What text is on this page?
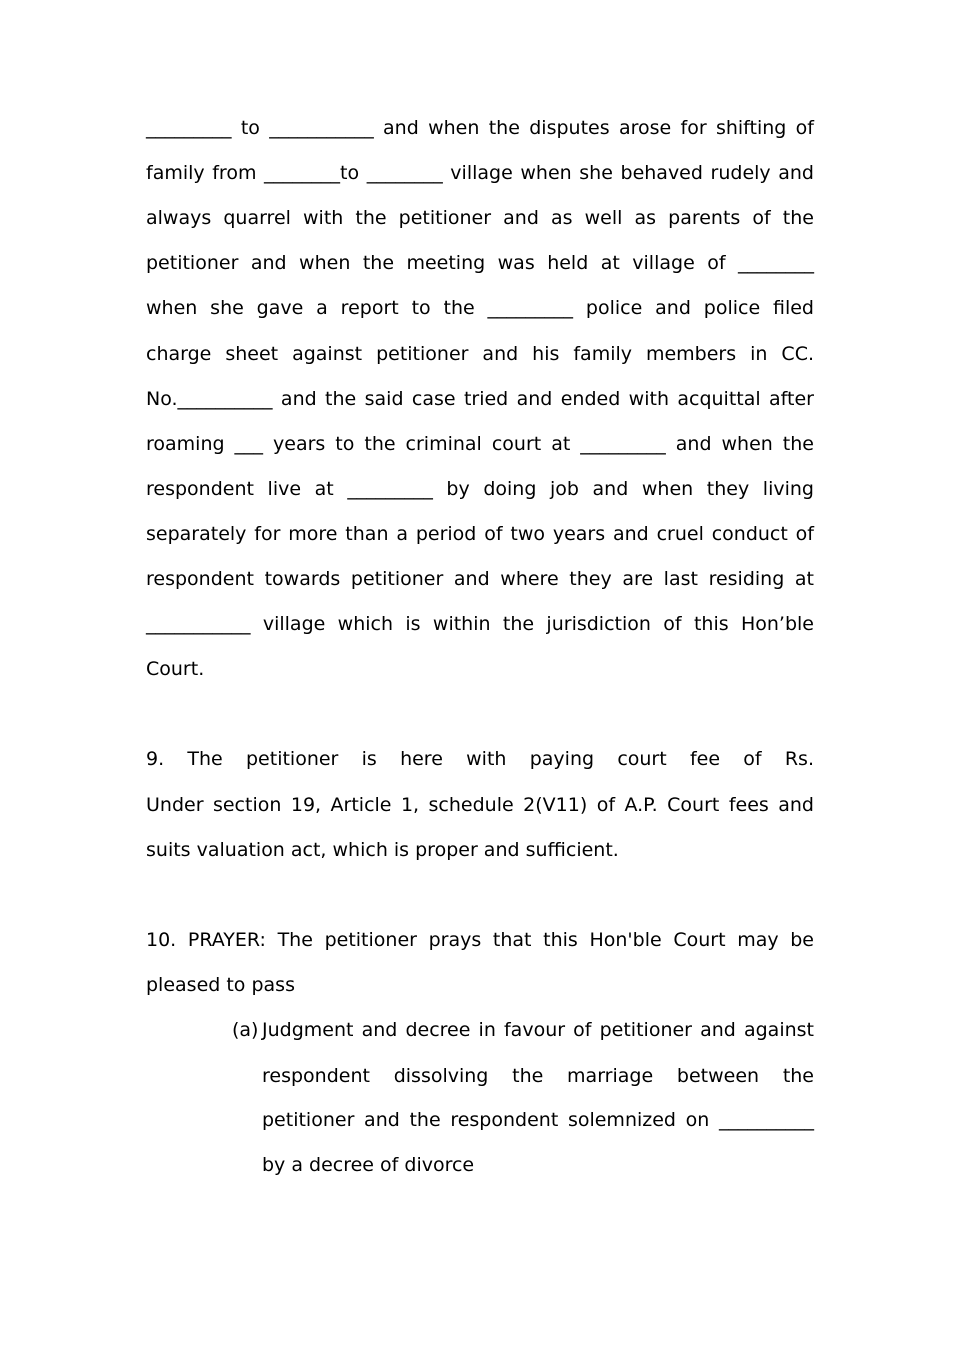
_________ to ___________ and when the disputes arose for shifting of
family from ________to ________ village when she behaved rudely and
always quarrel with the petitioner and as well as parents of the
petitioner and when the meeting was held at village of ________
when she gave a report to the _________ police and police filed
charge sheet against petitioner and his family members in CC.
No.__________ and the said case tried and ended with acquittal after
roaming ___ years to the criminal court at _________ and when the
respondent live at _________ by doing job and when they living
separately for more than a period of two years and cruel conduct of
respondent towards petitioner and where they are last residing at
___________ village which is within the jurisdiction of this Hon’ble
Court.
9. The petitioner is here with paying court fee of Rs.
Under section 19, Article 1, schedule 2(V11) of A.P. Court fees and
suits valuation act, which is proper and sufficient.
10. PRAYER: The petitioner prays that this Hon'ble Court may be
pleased to pass
(a) Judgment and decree in favour of petitioner and against
respondent dissolving the marriage between the
petitioner and the respondent solemnized on __________
by a decree of divorce
